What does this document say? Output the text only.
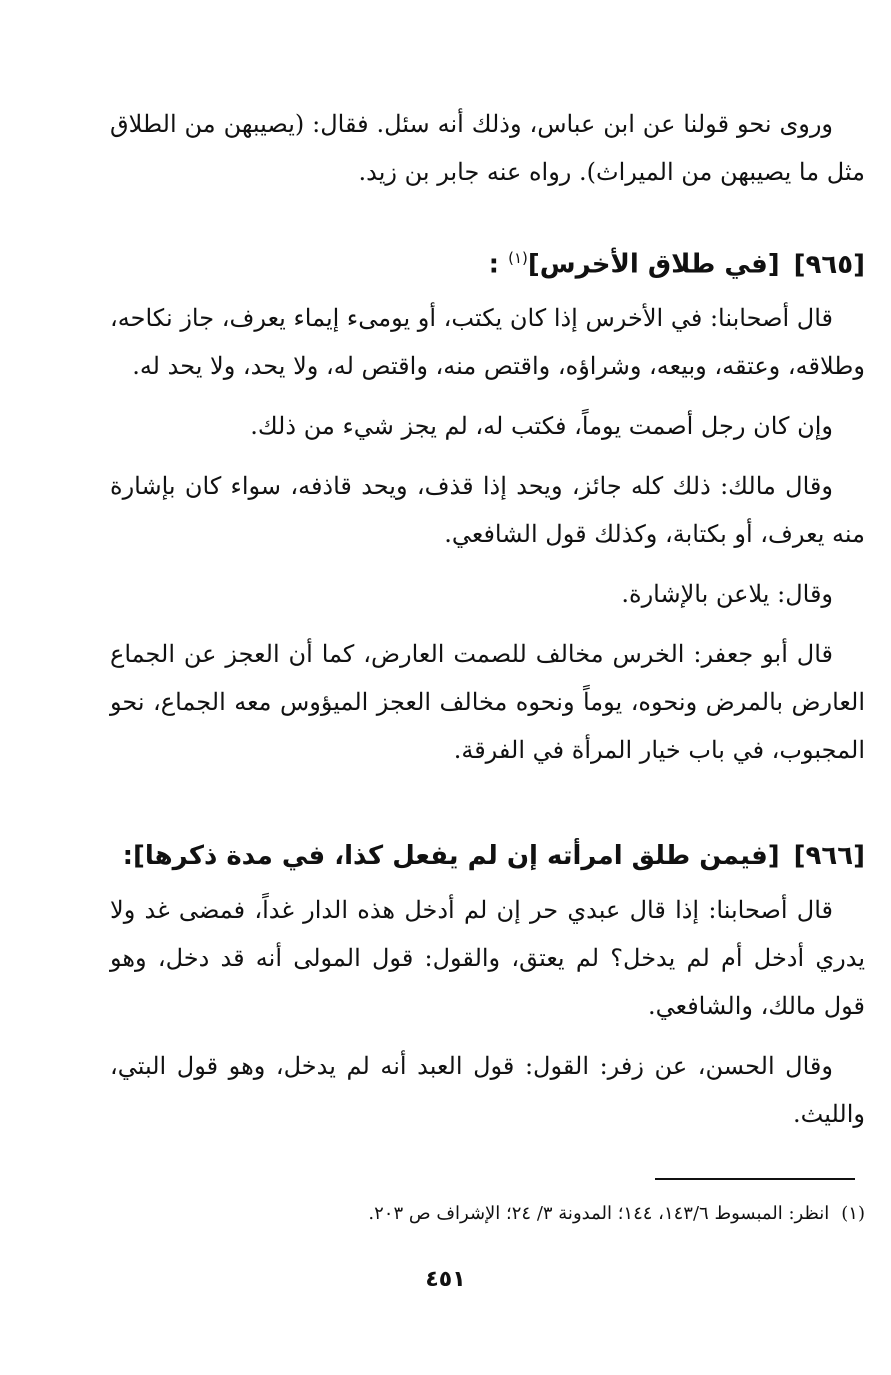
وروى نحو قولنا عن ابن عباس، وذلك أنه سئل. فقال: (يصيبهن من الطلاق مثل ما يصيبهن من الميراث). رواه عنه جابر بن زيد.

[٩٦٥][في طلاق الأخرس]$^{(١)}$ :

قال أصحابنا: في الأخرس إذا كان يكتب، أو يومىء إيماء يعرف، جاز نكاحه، وطلاقه، وعتقه، وبيعه، وشراؤه، واقتص منه، واقتص له، ولا يحد، ولا يحد له.

وإن كان رجل أصمت يوماً، فكتب له، لم يجز شيء من ذلك.

وقال مالك: ذلك كله جائز، ويحد إذا قذف، ويحد قاذفه، سواء كان بإشارة منه يعرف، أو بكتابة، وكذلك قول الشافعي.

وقال: يلاعن بالإشارة.

قال أبو جعفر: الخرس مخالف للصمت العارض، كما أن العجز عن الجماع العارض بالمرض ونحوه، يوماً ونحوه مخالف العجز الميؤوس معه الجماع، نحو المجبوب، في باب خيار المرأة في الفرقة.

[٩٦٦][فيمن طلق امرأته إن لم يفعل كذا، في مدة ذكرها]:

قال أصحابنا: إذا قال عبدي حر إن لم أدخل هذه الدار غداً، فمضى غد ولا يدري أدخل أم لم يدخل؟ لم يعتق، والقول: قول المولى أنه قد دخل، وهو قول مالك، والشافعي.

وقال الحسن، عن زفر: القول: قول العبد أنه لم يدخل، وهو قول البتي، والليث.

(١)انظر: المبسوط ١٤٣/٦، ١٤٤؛ المدونة ٣/ ٢٤؛ الإشراف ص ٢٠٣.
٤٥١
